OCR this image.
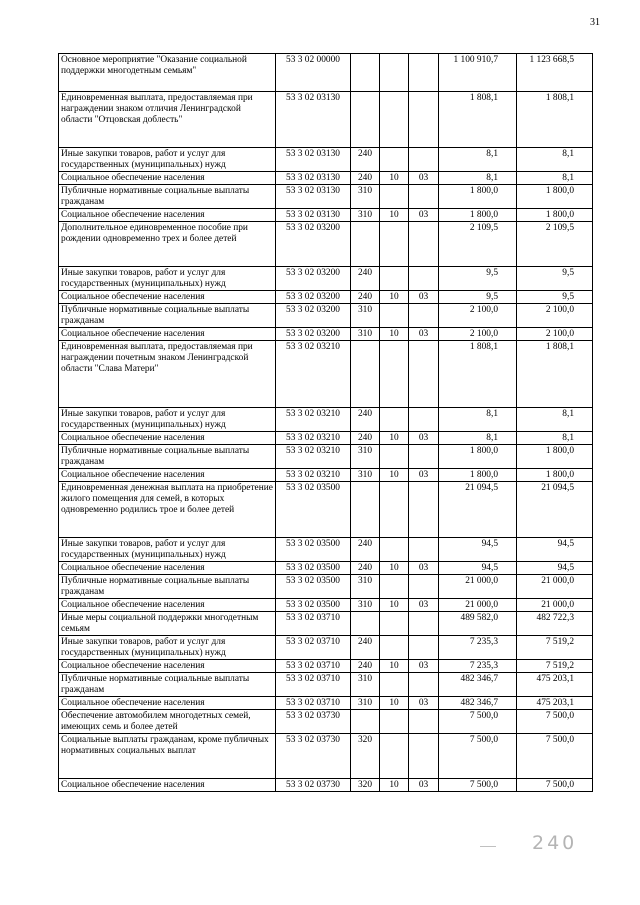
31
Основное мероприятие "Оказание социальной поддержки многодетным семьям"	53 3 02 00000				1 100 910,7	1 123 668,5
Единовременная выплата, предоставляемая при награждении знаком отличия Ленинградской области "Отцовская доблесть"	53 3 02 03130				1 808,1	1 808,1
Иные закупки товаров, работ и услуг для государственных (муниципальных) нужд	53 3 02 03130	240			8,1	8,1
Социальное обеспечение населения	53 3 02 03130	240	10	03	8,1	8,1
Публичные нормативные социальные выплаты гражданам	53 3 02 03130	310			1 800,0	1 800,0
Социальное обеспечение населения	53 3 02 03130	310	10	03	1 800,0	1 800,0
Дополнительное единовременное пособие при рождении одновременно трех и более детей	53 3 02 03200				2 109,5	2 109,5
Иные закупки товаров, работ и услуг для государственных (муниципальных) нужд	53 3 02 03200	240			9,5	9,5
Социальное обеспечение населения	53 3 02 03200	240	10	03	9,5	9,5
Публичные нормативные социальные выплаты гражданам	53 3 02 03200	310			2 100,0	2 100,0
Социальное обеспечение населения	53 3 02 03200	310	10	03	2 100,0	2 100,0
Единовременная выплата, предоставляемая при награждении почетным знаком Ленинградской области "Слава Матери"	53 3 02 03210				1 808,1	1 808,1
Иные закупки товаров, работ и услуг для государственных (муниципальных) нужд	53 3 02 03210	240			8,1	8,1
Социальное обеспечение населения	53 3 02 03210	240	10	03	8,1	8,1
Публичные нормативные социальные выплаты гражданам	53 3 02 03210	310			1 800,0	1 800,0
Социальное обеспечение населения	53 3 02 03210	310	10	03	1 800,0	1 800,0
Единовременная денежная выплата на приобретение жилого помещения для семей, в которых одновременно родились трое и более детей	53 3 02 03500				21 094,5	21 094,5
Иные закупки товаров, работ и услуг для государственных (муниципальных) нужд	53 3 02 03500	240			94,5	94,5
Социальное обеспечение населения	53 3 02 03500	240	10	03	94,5	94,5
Публичные нормативные социальные выплаты гражданам	53 3 02 03500	310			21 000,0	21 000,0
Социальное обеспечение населения	53 3 02 03500	310	10	03	21 000,0	21 000,0
Иные меры социальной поддержки многодетным семьям	53 3 02 03710				489 582,0	482 722,3
Иные закупки товаров, работ и услуг для государственных (муниципальных) нужд	53 3 02 03710	240			7 235,3	7 519,2
Социальное обеспечение населения	53 3 02 03710	240	10	03	7 235,3	7 519,2
Публичные нормативные социальные выплаты гражданам	53 3 02 03710	310			482 346,7	475 203,1
Социальное обеспечение населения	53 3 02 03710	310	10	03	482 346,7	475 203,1
Обеспечение автомобилем многодетных семей, имеющих семь и более детей	53 3 02 03730				7 500,0	7 500,0
Социальные выплаты гражданам, кроме публичных нормативных социальных выплат	53 3 02 03730	320			7 500,0	7 500,0
Социальное обеспечение населения	53 3 02 03730	320	10	03	7 500,0	7 500,0
240
